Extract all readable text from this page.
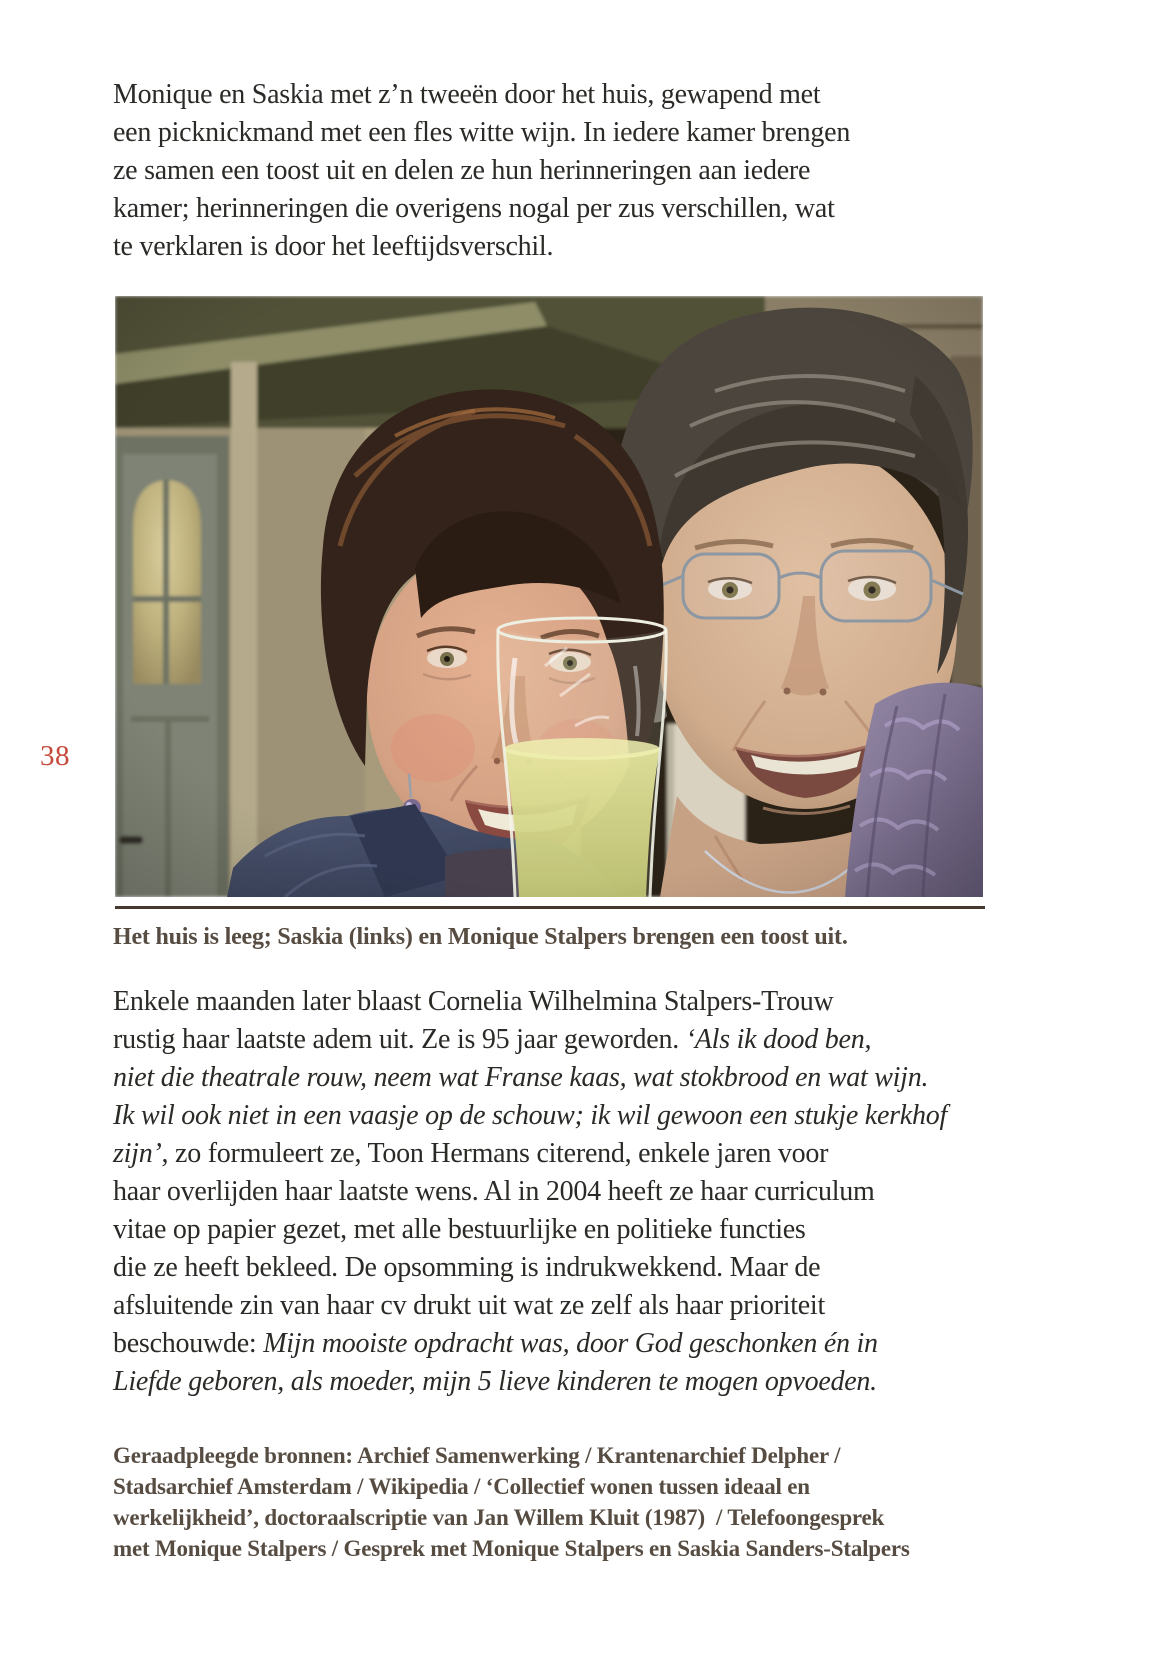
38
Monique en Saskia met z’n tweeën door het huis, gewapend met
een picknickmand met een fles witte wijn. In iedere kamer brengen
ze samen een toost uit en delen ze hun herinneringen aan iedere
kamer; herinneringen die overigens nogal per zus verschillen, wat
te verklaren is door het leeftijdsverschil.
Het huis is leeg; Saskia (links) en Monique Stalpers brengen een toost uit.
Enkele maanden later blaast Cornelia Wilhelmina Stalpers-Trouw
rustig haar laatste adem uit. Ze is 95 jaar geworden. ‘Als ik dood ben,
niet die theatrale rouw, neem wat Franse kaas, wat stokbrood en wat wijn.
Ik wil ook niet in een vaasje op de schouw; ik wil gewoon een stukje kerkhof
zijn’, zo formuleert ze, Toon Hermans citerend, enkele jaren voor
haar overlijden haar laatste wens. Al in 2004 heeft ze haar curriculum
vitae op papier gezet, met alle bestuurlijke en politieke functies
die ze heeft bekleed. De opsomming is indrukwekkend. Maar de
afsluitende zin van haar cv drukt uit wat ze zelf als haar prioriteit
beschouwde: Mijn mooiste opdracht was, door God geschonken én in
Liefde geboren, als moeder, mijn 5 lieve kinderen te mogen opvoeden.
Geraadpleegde bronnen: Archief Samenwerking / Krantenarchief Delpher /
Stadsarchief Amsterdam / Wikipedia / ‘Collectief wonen tussen ideaal en
werkelijkheid’, doctoraalscriptie van Jan Willem Kluit (1987)  / Telefoongesprek
met Monique Stalpers / Gesprek met Monique Stalpers en Saskia Sanders-Stalpers
